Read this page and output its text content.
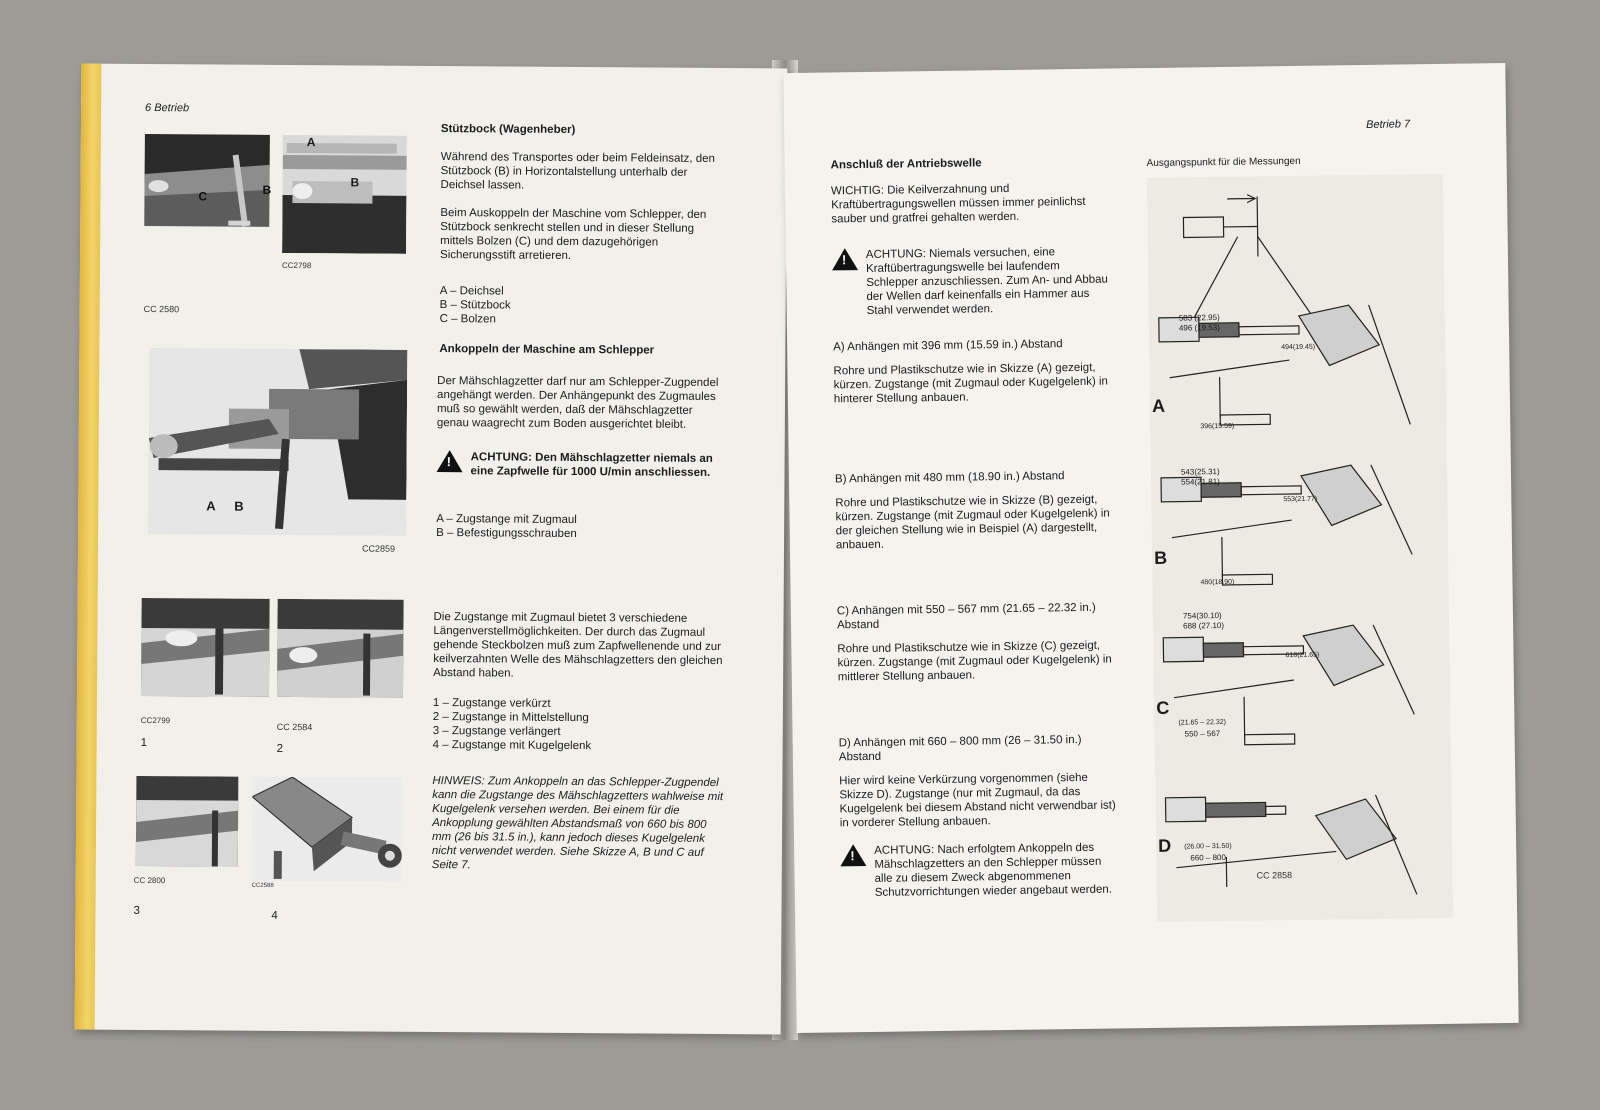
6 Betrieb
C	B
CC 2580
A
B
CC2798
Stützbock (Wagenheber)
Während des Transportes oder beim Feldeinsatz, den Stützbock (B) in Horizontalstellung unterhalb der Deichsel lassen.
Beim Auskoppeln der Maschine vom Schlepper, den Stützbock senkrecht stellen und in dieser Stellung mittels Bolzen (C) und dem dazugehörigen Sicherungsstift arretieren.
A – Deichsel
B – Stützbock
C – Bolzen
Ankoppeln der Maschine am Schlepper
A B
CC2859
Der Mähschlagzetter darf nur am Schlepper-Zugpendel angehängt werden. Der Anhängepunkt des Zugmaules muß so gewählt werden, daß der Mähschlagzetter genau waagrecht zum Boden ausgerichtet bleibt.
!
ACHTUNG: Den Mähschlagzetter niemals an eine Zapfwelle für 1000 U/min anschliessen.
A – Zugstange mit Zugmaul
B – Befestigungsschrauben
CC2799
1
CC 2584
2
CC 2800
3
CC2588
4
Die Zugstange mit Zugmaul bietet 3 verschiedene Längenverstellmöglichkeiten. Der durch das Zugmaul gehende Steckbolzen muß zum Zapfwellenende und zur keilverzahnten Welle des Mähschlagzetters den gleichen Abstand haben.
1 – Zugstange verkürzt
2 – Zugstange in Mittelstellung
3 – Zugstange verlängert
4 – Zugstange mit Kugelgelenk
HINWEIS: Zum Ankoppeln an das Schlepper-Zugpendel kann die Zugstange des Mähschlagzetters wahlweise mit Kugelgelenk versehen werden. Bei einem für die Ankopplung gewählten Abstandsmaß von 660 bis 800 mm (26 bis 31.5 in.), kann jedoch dieses Kugelgelenk nicht verwendet werden. Siehe Skizze A, B und C auf Seite 7.
Betrieb 7
Anschluß der Antriebswelle
WICHTIG: Die Keilverzahnung und Kraftübertragungswellen müssen immer peinlichst sauber und gratfrei gehalten werden.
!
ACHTUNG: Niemals versuchen, eine Kraftübertragungswelle bei laufendem Schlepper anzuschliessen. Zum An- und Abbau der Wellen darf keinenfalls ein Hammer aus Stahl verwendet werden.
A) Anhängen mit 396 mm (15.59 in.) Abstand
Rohre und Plastikschutze wie in Skizze (A) gezeigt, kürzen. Zugstange (mit Zugmaul oder Kugelgelenk) in hinterer Stellung anbauen.
B) Anhängen mit 480 mm (18.90 in.) Abstand
Rohre und Plastikschutze wie in Skizze (B) gezeigt, kürzen. Zugstange (mit Zugmaul oder Kugelgelenk) in der gleichen Stellung wie in Beispiel (A) dargestellt, anbauen.
C) Anhängen mit 550 – 567 mm (21.65 – 22.32 in.) Abstand
Rohre und Plastikschutze wie in Skizze (C) gezeigt, kürzen. Zugstange (mit Zugmaul oder Kugelgelenk) in mittlerer Stellung anbauen.
D) Anhängen mit 660 – 800 mm (26 – 31.50 in.) Abstand
Hier wird keine Verkürzung vorgenommen (siehe Skizze D). Zugstange (nur mit Zugmaul, da das Kugelgelenk bei diesem Abstand nicht verwendbar ist) in vorderer Stellung anbauen.
!
ACHTUNG: Nach erfolgtem Ankoppeln des Mähschlagzetters an den Schlepper müssen alle zu diesem Zweck abgenommenen Schutzvorrichtungen wieder angebaut werden.
Ausgangspunkt für die Messungen
A
B
C
D
583 (22.95)
496 (19.53)
494(19.45)
396(15.59)
543(25.31)
554(21.81)
553(21.77)
480(18.90)
754(30.10)
688 (27.10)
618(21.65)
(21.65 – 22.32)
550 – 567
(26.00 – 31.50)
660 – 800
CC 2858
